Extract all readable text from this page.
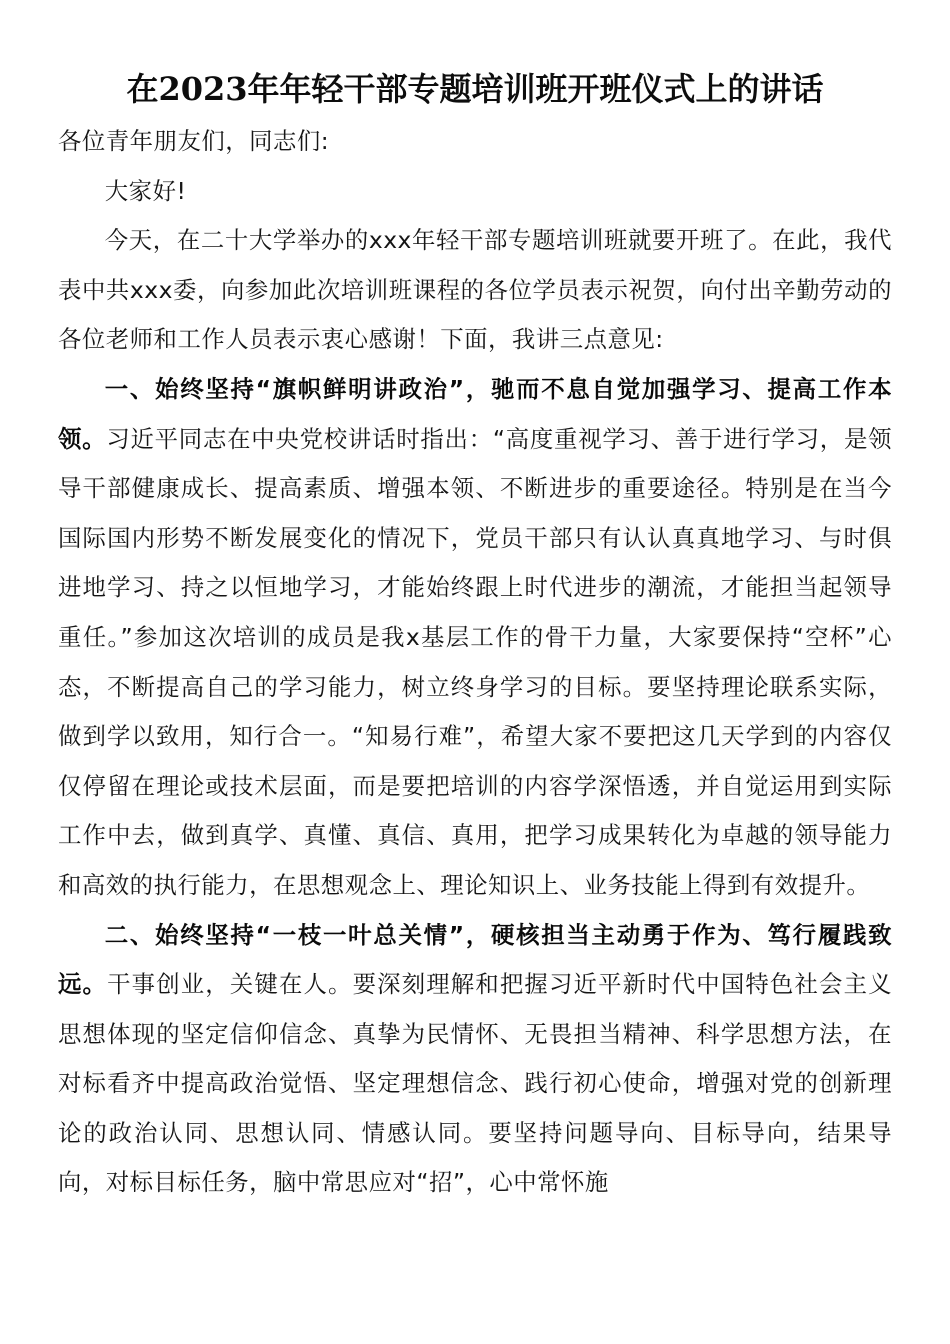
在2023年年轻干部专题培训班开班仪式上的讲话

各位青年朋友们，同志们:

大家好!

今天，在二十大学举办的xxx年轻干部专题培训班就要开班了。在此，我代表中共xxx委，向参加此次培训班课程的各位学员表示祝贺，向付出辛勤劳动的各位老师和工作人员表示衷心感谢！下面，我讲三点意见:

一、始终坚持“旗帜鲜明讲政治”，驰而不息自觉加强学习、提高工作本领。习近平同志在中央党校讲话时指出：“高度重视学习、善于进行学习，是领导干部健康成长、提高素质、增强本领、不断进步的重要途径。特别是在当今国际国内形势不断发展变化的情况下，党员干部只有认认真真地学习、与时俱进地学习、持之以恒地学习，才能始终跟上时代进步的潮流，才能担当起领导重任。”参加这次培训的成员是我x基层工作的骨干力量，大家要保持“空杯”心态，不断提高自己的学习能力，树立终身学习的目标。要坚持理论联系实际，做到学以致用，知行合一。“知易行难”，希望大家不要把这几天学到的内容仅仅停留在理论或技术层面，而是要把培训的内容学深悟透，并自觉运用到实际工作中去，做到真学、真懂、真信、真用，把学习成果转化为卓越的领导能力和高效的执行能力，在思想观念上、理论知识上、业务技能上得到有效提升。

二、始终坚持“一枝一叶总关情”，硬核担当主动勇于作为、笃行履践致远。干事创业，关键在人。要深刻理解和把握习近平新时代中国特色社会主义思想体现的坚定信仰信念、真挚为民情怀、无畏担当精神、科学思想方法，在对标看齐中提高政治觉悟、坚定理想信念、践行初心使命，增强对党的创新理论的政治认同、思想认同、情感认同。要坚持问题导向、目标导向，结果导向，对标目标任务，脑中常思应对“招”，心中常怀施
